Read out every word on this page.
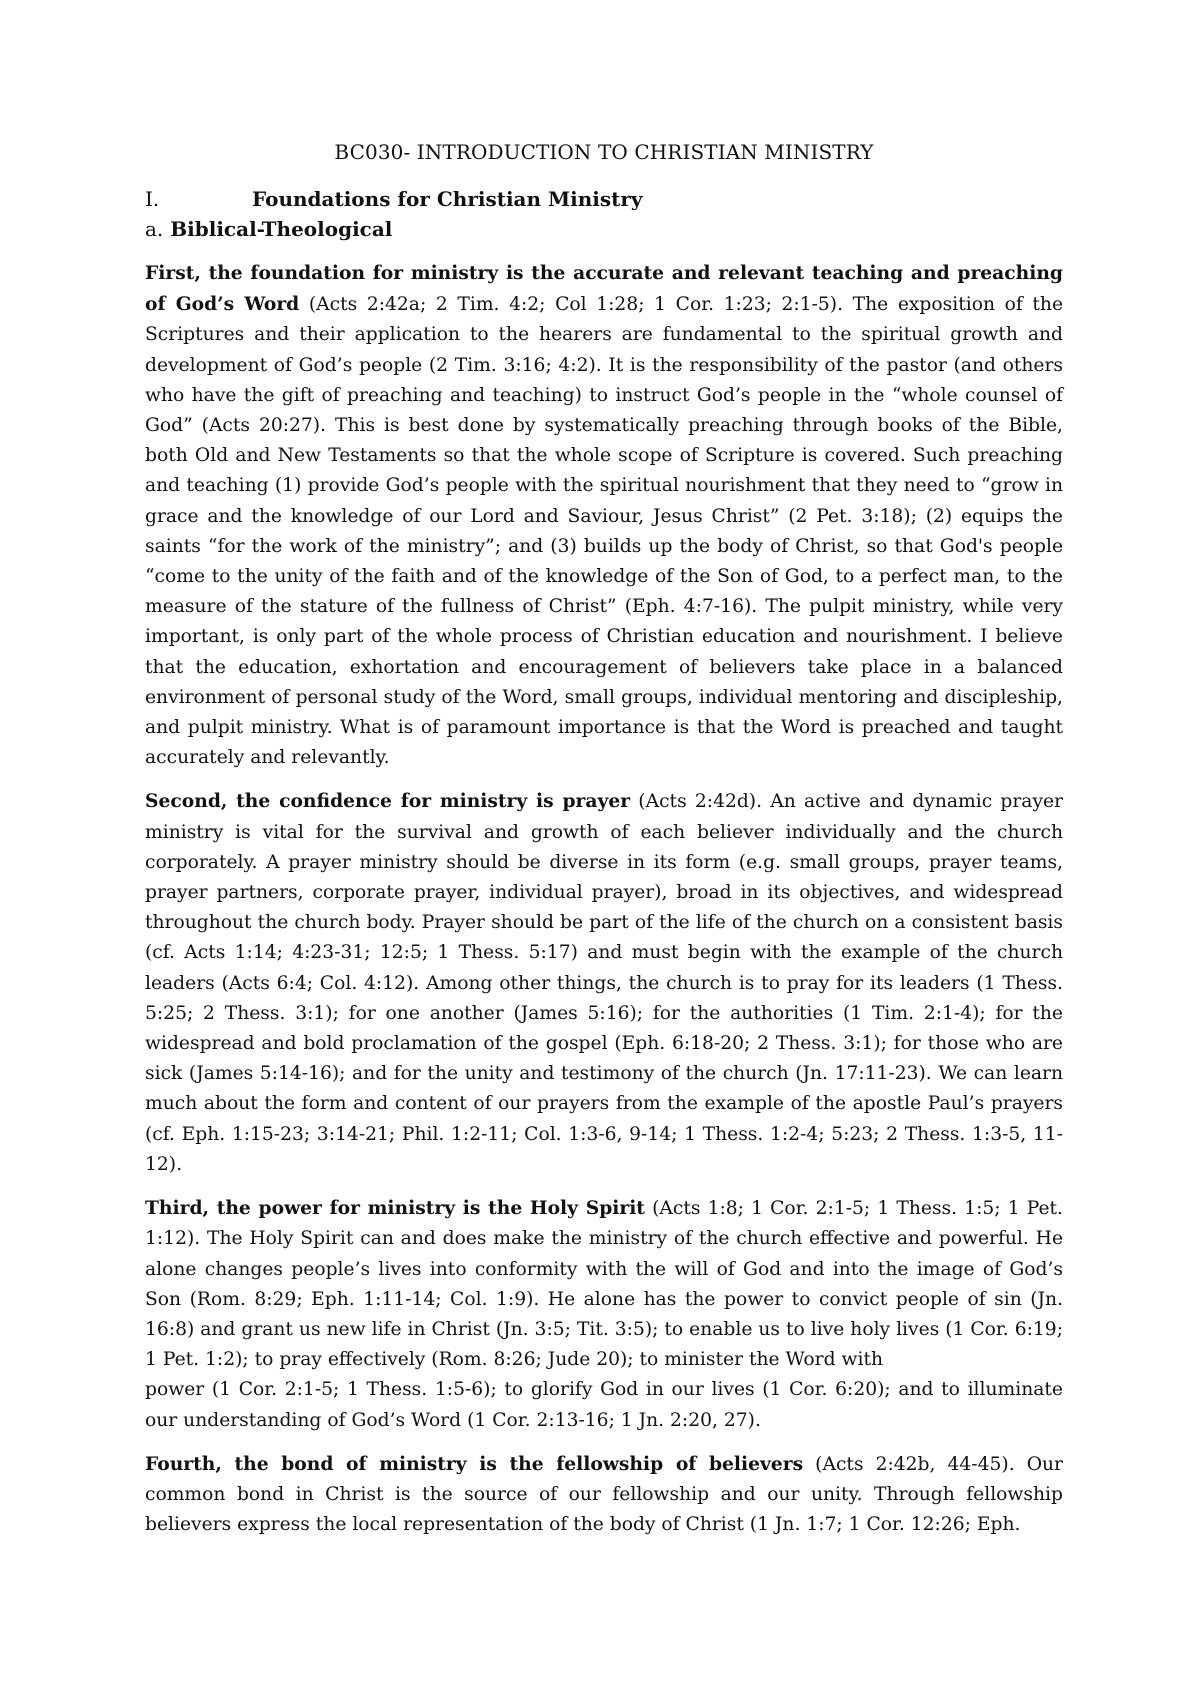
BC030- INTRODUCTION TO CHRISTIAN MINISTRY
I.	Foundations for Christian Ministry
a. Biblical-Theological

First, the foundation for ministry is the accurate and relevant teaching and preaching of God’s Word (Acts 2:42a; 2 Tim. 4:2; Col 1:28; 1 Cor. 1:23; 2:1-5). The exposition of the Scriptures and their application to the hearers are fundamental to the spiritual growth and development of God’s people (2 Tim. 3:16; 4:2). It is the responsibility of the pastor (and others who have the gift of preaching and teaching) to instruct God’s people in the “whole counsel of God” (Acts 20:27). This is best done by systematically preaching through books of the Bible, both Old and New Testaments so that the whole scope of Scripture is covered. Such preaching and teaching (1) provide God’s people with the spiritual nourishment that they need to “grow in grace and the knowledge of our Lord and Saviour, Jesus Christ” (2 Pet. 3:18); (2) equips the saints “for the work of the ministry”; and (3) builds up the body of Christ, so that God's people “come to the unity of the faith and of the knowledge of the Son of God, to a perfect man, to the measure of the stature of the fullness of Christ” (Eph. 4:7-16). The pulpit ministry, while very important, is only part of the whole process of Christian education and nourishment. I believe that the education, exhortation and encouragement of believers take place in a balanced environment of personal study of the Word, small groups, individual mentoring and discipleship, and pulpit ministry. What is of paramount importance is that the Word is preached and taught accurately and relevantly.

Second, the confidence for ministry is prayer (Acts 2:42d). An active and dynamic prayer ministry is vital for the survival and growth of each believer individually and the church corporately. A prayer ministry should be diverse in its form (e.g. small groups, prayer teams, prayer partners, corporate prayer, individual prayer), broad in its objectives, and widespread throughout the church body. Prayer should be part of the life of the church on a consistent basis (cf. Acts 1:14; 4:23-31; 12:5; 1 Thess. 5:17) and must begin with the example of the church leaders (Acts 6:4; Col. 4:12). Among other things, the church is to pray for its leaders (1 Thess. 5:25; 2 Thess. 3:1); for one another (James 5:16); for the authorities (1 Tim. 2:1-4); for the widespread and bold proclamation of the gospel (Eph. 6:18-20; 2 Thess. 3:1); for those who are sick (James 5:14-16); and for the unity and testimony of the church (Jn. 17:11-23). We can learn much about the form and content of our prayers from the example of the apostle Paul’s prayers (cf. Eph. 1:15-23; 3:14-21; Phil. 1:2-11; Col. 1:3-6, 9-14; 1 Thess. 1:2-4; 5:23; 2 Thess. 1:3-5, 11-12).

Third, the power for ministry is the Holy Spirit (Acts 1:8; 1 Cor. 2:1-5; 1 Thess. 1:5; 1 Pet. 1:12). The Holy Spirit can and does make the ministry of the church effective and powerful. He alone changes people’s lives into conformity with the will of God and into the image of God’s Son (Rom. 8:29; Eph. 1:11-14; Col. 1:9). He alone has the power to convict people of sin (Jn. 16:8) and grant us new life in Christ (Jn. 3:5; Tit. 3:5); to enable us to live holy lives (1 Cor. 6:19; 1 Pet. 1:2); to pray effectively (Rom. 8:26; Jude 20); to minister the Word with
power (1 Cor. 2:1-5; 1 Thess. 1:5-6); to glorify God in our lives (1 Cor. 6:20); and to illuminate our understanding of God’s Word (1 Cor. 2:13-16; 1 Jn. 2:20, 27).

Fourth, the bond of ministry is the fellowship of believers (Acts 2:42b, 44-45). Our common bond in Christ is the source of our fellowship and our unity. Through fellowship believers express the local representation of the body of Christ (1 Jn. 1:7; 1 Cor. 12:26; Eph.
